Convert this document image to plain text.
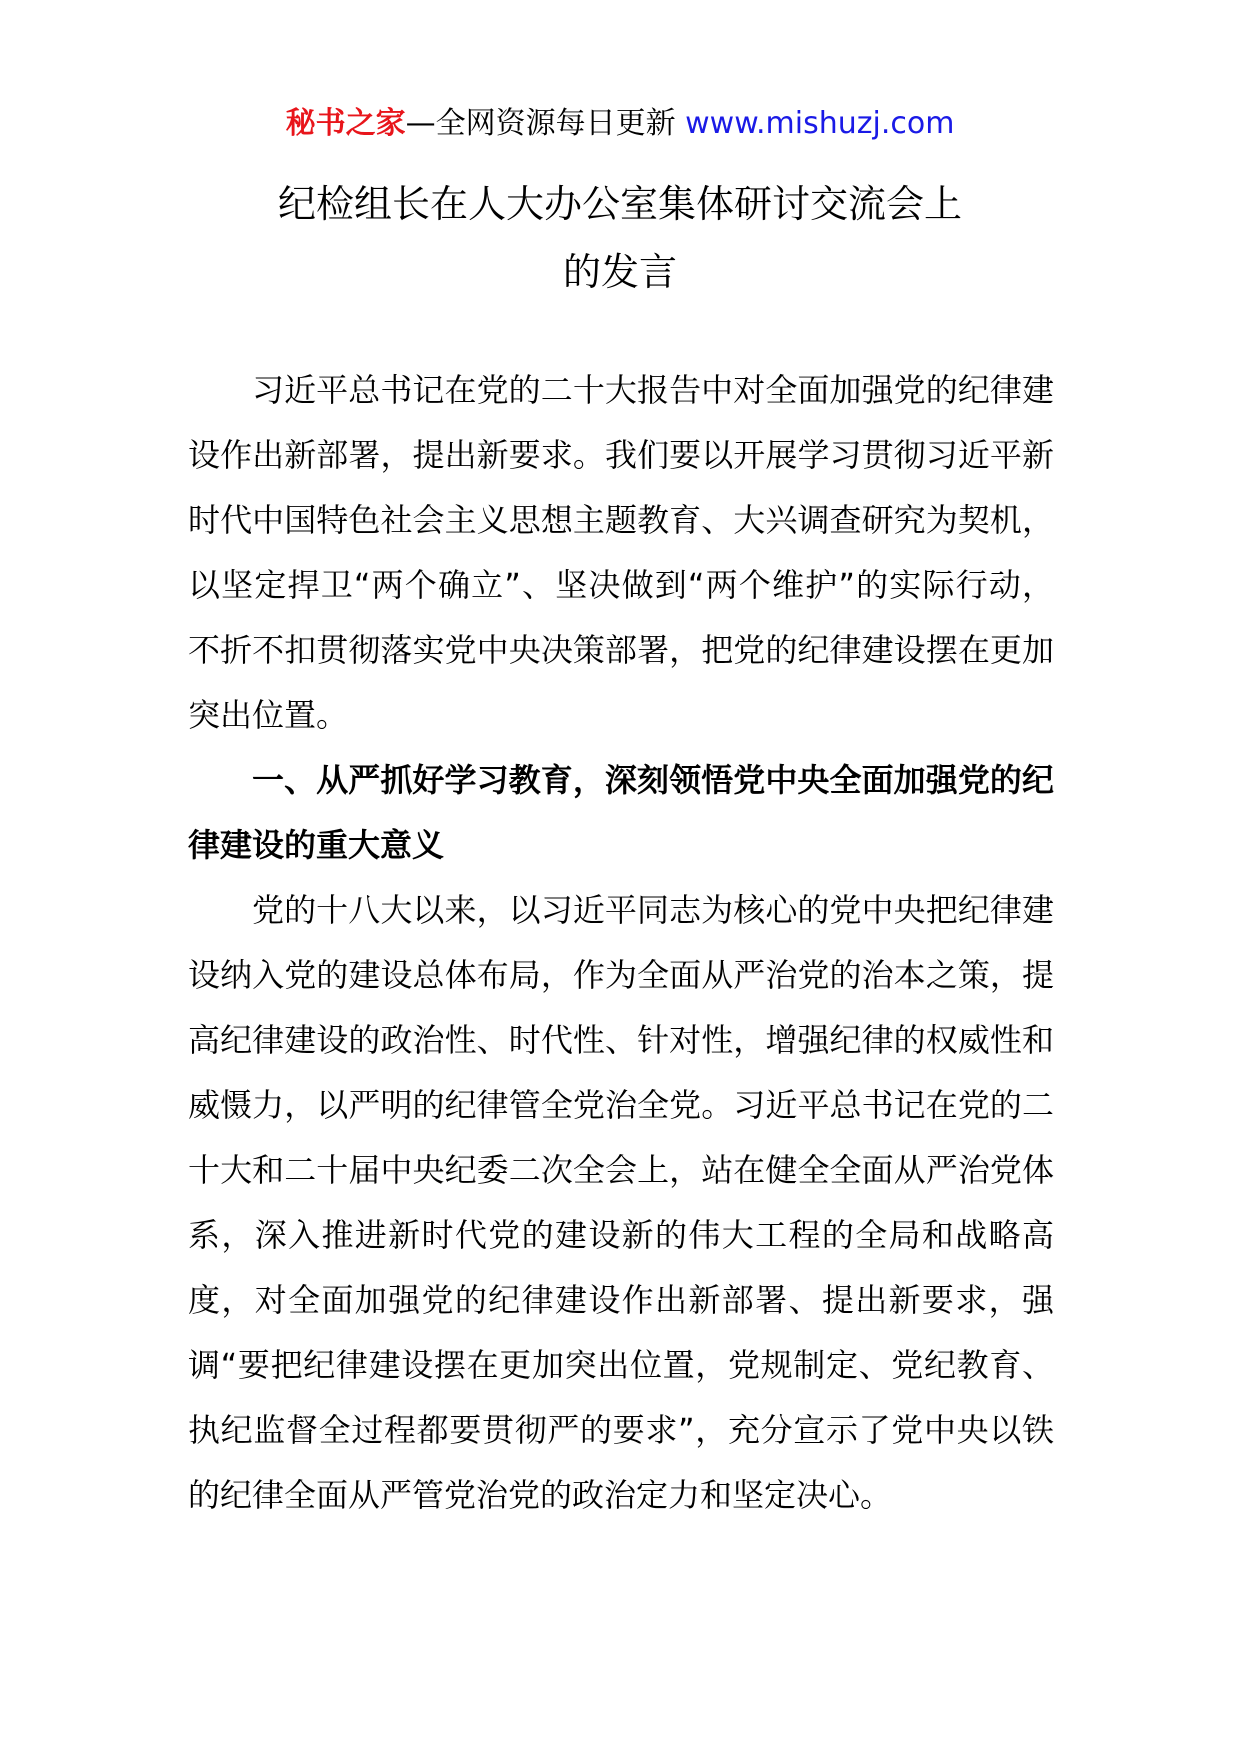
秘书之家—全网资源每日更新 www.mishuzj.com
纪检组长在人大办公室集体研讨交流会上
的发言

习近平总书记在党的二十大报告中对全面加强党的纪律建设作出新部署，提出新要求。我们要以开展学习贯彻习近平新时代中国特色社会主义思想主题教育、大兴调查研究为契机，以坚定捍卫“两个确立”、坚决做到“两个维护”的实际行动，不折不扣贯彻落实党中央决策部署，把党的纪律建设摆在更加突出位置。

一、从严抓好学习教育，深刻领悟党中央全面加强党的纪律建设的重大意义

党的十八大以来，以习近平同志为核心的党中央把纪律建设纳入党的建设总体布局，作为全面从严治党的治本之策，提高纪律建设的政治性、时代性、针对性，增强纪律的权威性和威慑力，以严明的纪律管全党治全党。习近平总书记在党的二十大和二十届中央纪委二次全会上，站在健全全面从严治党体系，深入推进新时代党的建设新的伟大工程的全局和战略高度，对全面加强党的纪律建设作出新部署、提出新要求，强调“要把纪律建设摆在更加突出位置，党规制定、党纪教育、执纪监督全过程都要贯彻严的要求”，充分宣示了党中央以铁的纪律全面从严管党治党的政治定力和坚定决心。
